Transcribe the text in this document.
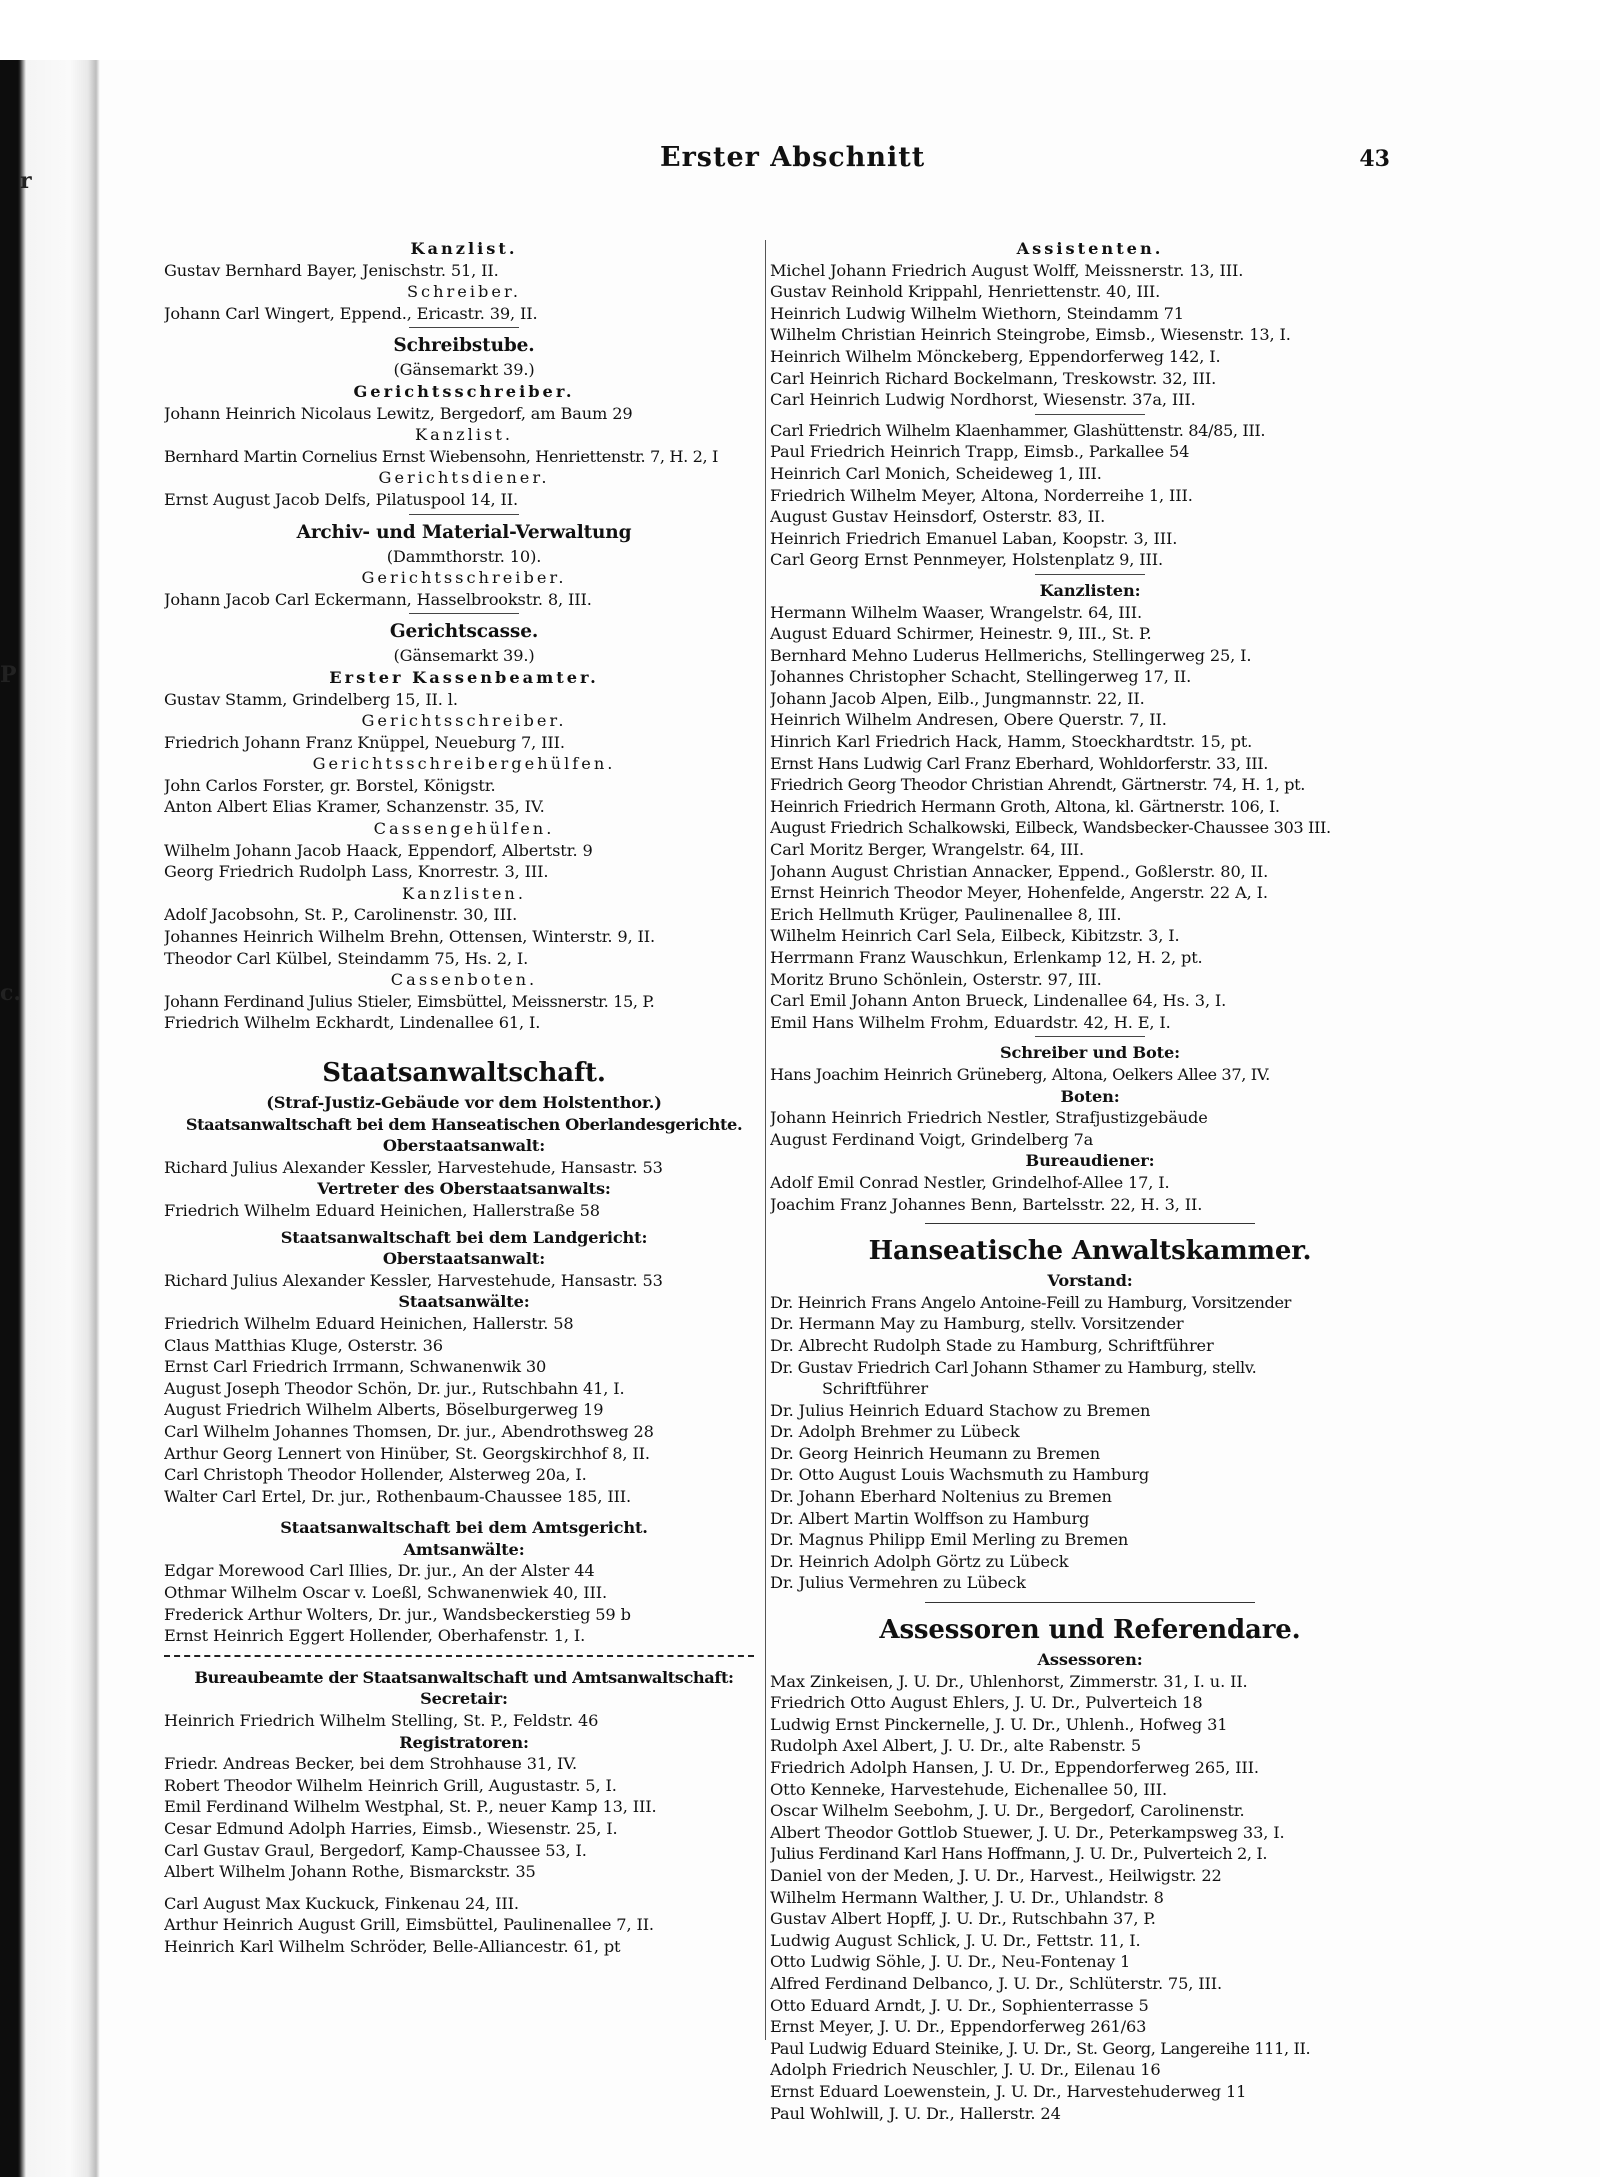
r
P
c.
Erster Abschnitt	43
Kanzlist.
Gustav Bernhard Bayer, Jenischstr. 51, II.
Schreiber.
Johann Carl Wingert, Eppend., Ericastr. 39, II.
Schreibstube.
(Gänsemarkt 39.)
Gerichtsschreiber.
Johann Heinrich Nicolaus Lewitz, Bergedorf, am Baum 29
Kanzlist.
Bernhard Martin Cornelius Ernst Wiebensohn, Henriettenstr. 7, H. 2, I
Gerichtsdiener.
Ernst August Jacob Delfs, Pilatuspool 14, II.
Archiv- und Material-Verwaltung
(Dammthorstr. 10).
Gerichtsschreiber.
Johann Jacob Carl Eckermann, Hasselbrookstr. 8, III.
Gerichtscasse.
(Gänsemarkt 39.)
Erster Kassenbeamter.
Gustav Stamm, Grindelberg 15, II. l.
Gerichtsschreiber.
Friedrich Johann Franz Knüppel, Neueburg 7, III.
Gerichtsschreibergehülfen.
John Carlos Forster, gr. Borstel, Königstr.
Anton Albert Elias Kramer, Schanzenstr. 35, IV.
Cassengehülfen.
Wilhelm Johann Jacob Haack, Eppendorf, Albertstr. 9
Georg Friedrich Rudolph Lass, Knorrestr. 3, III.
Kanzlisten.
Adolf Jacobsohn, St. P., Carolinenstr. 30, III.
Johannes Heinrich Wilhelm Brehn, Ottensen, Winterstr. 9, II.
Theodor Carl Külbel, Steindamm 75, Hs. 2, I.
Cassenboten.
Johann Ferdinand Julius Stieler, Eimsbüttel, Meissnerstr. 15, P.
Friedrich Wilhelm Eckhardt, Lindenallee 61, I.
Staatsanwaltschaft.
(Straf-Justiz-Gebäude vor dem Holstenthor.)
Staatsanwaltschaft bei dem Hanseatischen Oberlandesgerichte.
Oberstaatsanwalt:
Richard Julius Alexander Kessler, Harvestehude, Hansastr. 53
Vertreter des Oberstaatsanwalts:
Friedrich Wilhelm Eduard Heinichen, Hallerstraße 58
Staatsanwaltschaft bei dem Landgericht:
Oberstaatsanwalt:
Richard Julius Alexander Kessler, Harvestehude, Hansastr. 53
Staatsanwälte:
Friedrich Wilhelm Eduard Heinichen, Hallerstr. 58
Claus Matthias Kluge, Osterstr. 36
Ernst Carl Friedrich Irrmann, Schwanenwik 30
August Joseph Theodor Schön, Dr. jur., Rutschbahn 41, I.
August Friedrich Wilhelm Alberts, Böselburgerweg 19
Carl Wilhelm Johannes Thomsen, Dr. jur., Abendrothsweg 28
Arthur Georg Lennert von Hinüber, St. Georgskirchhof 8, II.
Carl Christoph Theodor Hollender, Alsterweg 20a, I.
Walter Carl Ertel, Dr. jur., Rothenbaum-Chaussee 185, III.
Staatsanwaltschaft bei dem Amtsgericht.
Amtsanwälte:
Edgar Morewood Carl Illies, Dr. jur., An der Alster 44
Othmar Wilhelm Oscar v. Loeßl, Schwanenwiek 40, III.
Frederick Arthur Wolters, Dr. jur., Wandsbeckerstieg 59 b
Ernst Heinrich Eggert Hollender, Oberhafenstr. 1, I.
Bureaubeamte der Staatsanwaltschaft und Amtsanwaltschaft:
Secretair:
Heinrich Friedrich Wilhelm Stelling, St. P., Feldstr. 46
Registratoren:
Friedr. Andreas Becker, bei dem Strohhause 31, IV.
Robert Theodor Wilhelm Heinrich Grill, Augustastr. 5, I.
Emil Ferdinand Wilhelm Westphal, St. P., neuer Kamp 13, III.
Cesar Edmund Adolph Harries, Eimsb., Wiesenstr. 25, I.
Carl Gustav Graul, Bergedorf, Kamp-Chaussee 53, I.
Albert Wilhelm Johann Rothe, Bismarckstr. 35
Carl August Max Kuckuck, Finkenau 24, III.
Arthur Heinrich August Grill, Eimsbüttel, Paulinenallee 7, II.
Heinrich Karl Wilhelm Schröder, Belle-Alliancestr. 61, pt
Assistenten.
Michel Johann Friedrich August Wolff, Meissnerstr. 13, III.
Gustav Reinhold Krippahl, Henriettenstr. 40, III.
Heinrich Ludwig Wilhelm Wiethorn, Steindamm 71
Wilhelm Christian Heinrich Steingrobe, Eimsb., Wiesenstr. 13, I.
Heinrich Wilhelm Mönckeberg, Eppendorferweg 142, I.
Carl Heinrich Richard Bockelmann, Treskowstr. 32, III.
Carl Heinrich Ludwig Nordhorst, Wiesenstr. 37a, III.
Carl Friedrich Wilhelm Klaenhammer, Glashüttenstr. 84/85, III.
Paul Friedrich Heinrich Trapp, Eimsb., Parkallee 54
Heinrich Carl Monich, Scheideweg 1, III.
Friedrich Wilhelm Meyer, Altona, Norderreihe 1, III.
August Gustav Heinsdorf, Osterstr. 83, II.
Heinrich Friedrich Emanuel Laban, Koopstr. 3, III.
Carl Georg Ernst Pennmeyer, Holstenplatz 9, III.
Kanzlisten:
Hermann Wilhelm Waaser, Wrangelstr. 64, III.
August Eduard Schirmer, Heinestr. 9, III., St. P.
Bernhard Mehno Luderus Hellmerichs, Stellingerweg 25, I.
Johannes Christopher Schacht, Stellingerweg 17, II.
Johann Jacob Alpen, Eilb., Jungmannstr. 22, II.
Heinrich Wilhelm Andresen, Obere Querstr. 7, II.
Hinrich Karl Friedrich Hack, Hamm, Stoeckhardtstr. 15, pt.
Ernst Hans Ludwig Carl Franz Eberhard, Wohldorferstr. 33, III.
Friedrich Georg Theodor Christian Ahrendt, Gärtnerstr. 74, H. 1, pt.
Heinrich Friedrich Hermann Groth, Altona, kl. Gärtnerstr. 106, I.
August Friedrich Schalkowski, Eilbeck, Wandsbecker-Chaussee 303 III.
Carl Moritz Berger, Wrangelstr. 64, III.
Johann August Christian Annacker, Eppend., Goßlerstr. 80, II.
Ernst Heinrich Theodor Meyer, Hohenfelde, Angerstr. 22 A, I.
Erich Hellmuth Krüger, Paulinenallee 8, III.
Wilhelm Heinrich Carl Sela, Eilbeck, Kibitzstr. 3, I.
Herrmann Franz Wauschkun, Erlenkamp 12, H. 2, pt.
Moritz Bruno Schönlein, Osterstr. 97, III.
Carl Emil Johann Anton Brueck, Lindenallee 64, Hs. 3, I.
Emil Hans Wilhelm Frohm, Eduardstr. 42, H. E, I.
Schreiber und Bote:
Hans Joachim Heinrich Grüneberg, Altona, Oelkers Allee 37, IV.
Boten:
Johann Heinrich Friedrich Nestler, Strafjustizgebäude
August Ferdinand Voigt, Grindelberg 7a
Bureaudiener:
Adolf Emil Conrad Nestler, Grindelhof-Allee 17, I.
Joachim Franz Johannes Benn, Bartelsstr. 22, H. 3, II.
Hanseatische Anwaltskammer.
Vorstand:
Dr. Heinrich Frans Angelo Antoine-Feill zu Hamburg, Vorsitzender
Dr. Hermann May zu Hamburg, stellv. Vorsitzender
Dr. Albrecht Rudolph Stade zu Hamburg, Schriftführer
Dr. Gustav Friedrich Carl Johann Sthamer zu Hamburg, stellv.
Schriftführer
Dr. Julius Heinrich Eduard Stachow zu Bremen
Dr. Adolph Brehmer zu Lübeck
Dr. Georg Heinrich Heumann zu Bremen
Dr. Otto August Louis Wachsmuth zu Hamburg
Dr. Johann Eberhard Noltenius zu Bremen
Dr. Albert Martin Wolffson zu Hamburg
Dr. Magnus Philipp Emil Merling zu Bremen
Dr. Heinrich Adolph Görtz zu Lübeck
Dr. Julius Vermehren zu Lübeck
Assessoren und Referendare.
Assessoren:
Max Zinkeisen, J. U. Dr., Uhlenhorst, Zimmerstr. 31, I. u. II.
Friedrich Otto August Ehlers, J. U. Dr., Pulverteich 18
Ludwig Ernst Pinckernelle, J. U. Dr., Uhlenh., Hofweg 31
Rudolph Axel Albert, J. U. Dr., alte Rabenstr. 5
Friedrich Adolph Hansen, J. U. Dr., Eppendorferweg 265, III.
Otto Kenneke, Harvestehude, Eichenallee 50, III.
Oscar Wilhelm Seebohm, J. U. Dr., Bergedorf, Carolinenstr.
Albert Theodor Gottlob Stuewer, J. U. Dr., Peterkampsweg 33, I.
Julius Ferdinand Karl Hans Hoffmann, J. U. Dr., Pulverteich 2, I.
Daniel von der Meden, J. U. Dr., Harvest., Heilwigstr. 22
Wilhelm Hermann Walther, J. U. Dr., Uhlandstr. 8
Gustav Albert Hopff, J. U. Dr., Rutschbahn 37, P.
Ludwig August Schlick, J. U. Dr., Fettstr. 11, I.
Otto Ludwig Söhle, J. U. Dr., Neu-Fontenay 1
Alfred Ferdinand Delbanco, J. U. Dr., Schlüterstr. 75, III.
Otto Eduard Arndt, J. U. Dr., Sophienterrasse 5
Ernst Meyer, J. U. Dr., Eppendorferweg 261/63
Paul Ludwig Eduard Steinike, J. U. Dr., St. Georg, Langereihe 111, II.
Adolph Friedrich Neuschler, J. U. Dr., Eilenau 16
Ernst Eduard Loewenstein, J. U. Dr., Harvestehuderweg 11
Paul Wohlwill, J. U. Dr., Hallerstr. 24
